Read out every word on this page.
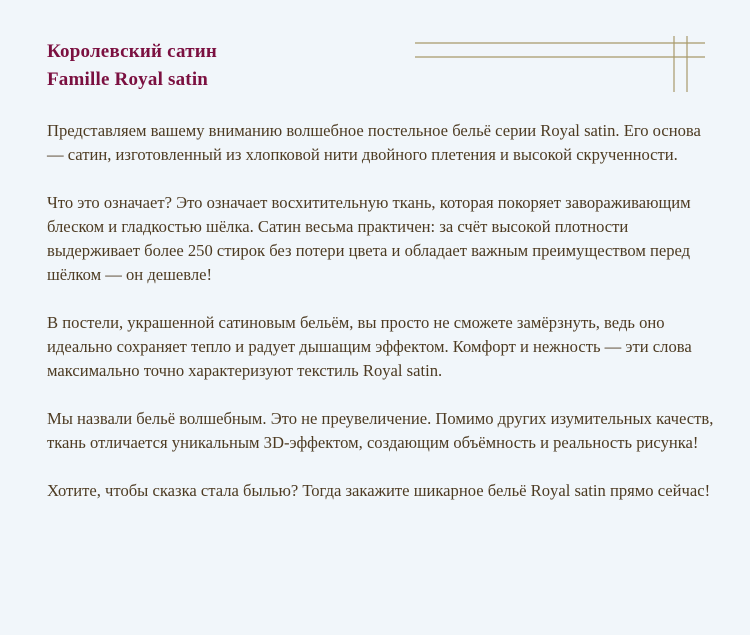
Королевский сатин
Famille Royal satin

Представляем вашему вниманию волшебное постельное бельё серии Royal satin. Его основа — сатин, изготовленный из хлопковой нити двойного плетения и высокой скрученности.

Что это означает? Это означает восхитительную ткань, которая покоряет завораживающим блеском и гладкостью шёлка. Сатин весьма практичен: за счёт высокой плотности выдерживает более 250 стирок без потери цвета и обладает важным преимуществом перед шёлком — он дешевле!

В постели, украшенной сатиновым бельём, вы просто не сможете замёрзнуть, ведь оно идеально сохраняет тепло и радует дышащим эффектом. Комфорт и нежность — эти слова максимально точно характеризуют текстиль Royal satin.

Мы назвали бельё волшебным. Это не преувеличение. Помимо других изумительных качеств, ткань отличается уникальным 3D-эффектом, создающим объёмность и реальность рисунка!

Хотите, чтобы сказка стала былью? Тогда закажите шикарное бельё Royal satin прямо сейчас!
